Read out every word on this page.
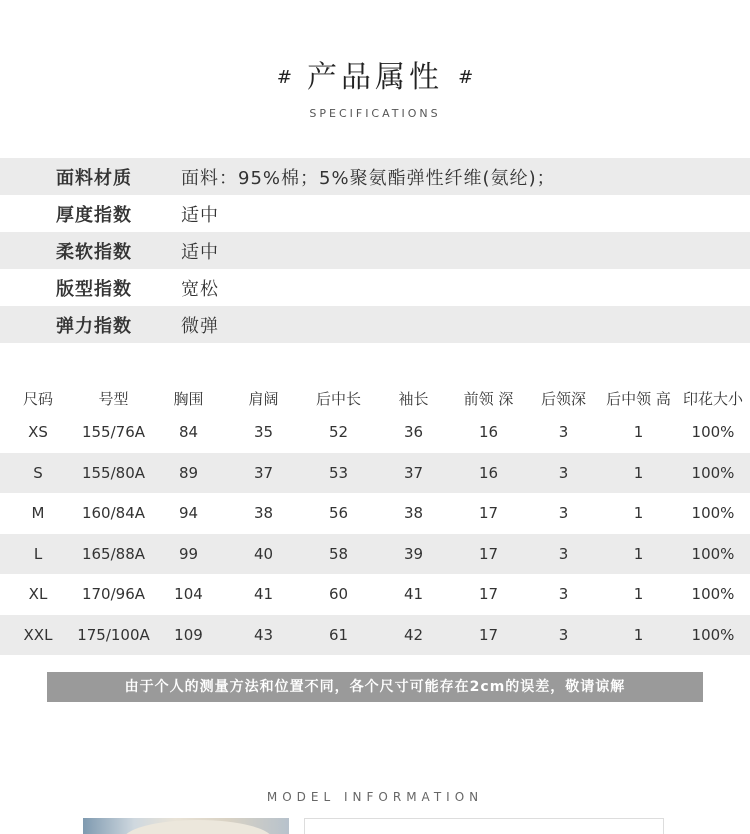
# 产品属性 #
SPECIFICATIONS
面料材质	面料：95%棉；5%聚氨酯弹性纤维(氨纶)；
厚度指数	适中
柔软指数	适中
版型指数	宽松
弹力指数	微弹
尺码	号型	胸围	肩阔	后中长	袖长	前领 深	后领深	后中领 高	印花大小
XS	155/76A	84	35	52	36	16	3	1	100%
S	155/80A	89	37	53	37	16	3	1	100%
M	160/84A	94	38	56	38	17	3	1	100%
L	165/88A	99	40	58	39	17	3	1	100%
XL	170/96A	104	41	60	41	17	3	1	100%
XXL	175/100A	109	43	61	42	17	3	1	100%
由于个人的测量方法和位置不同，各个尺寸可能存在2cm的误差，敬请谅解
MODEL INFORMATION
